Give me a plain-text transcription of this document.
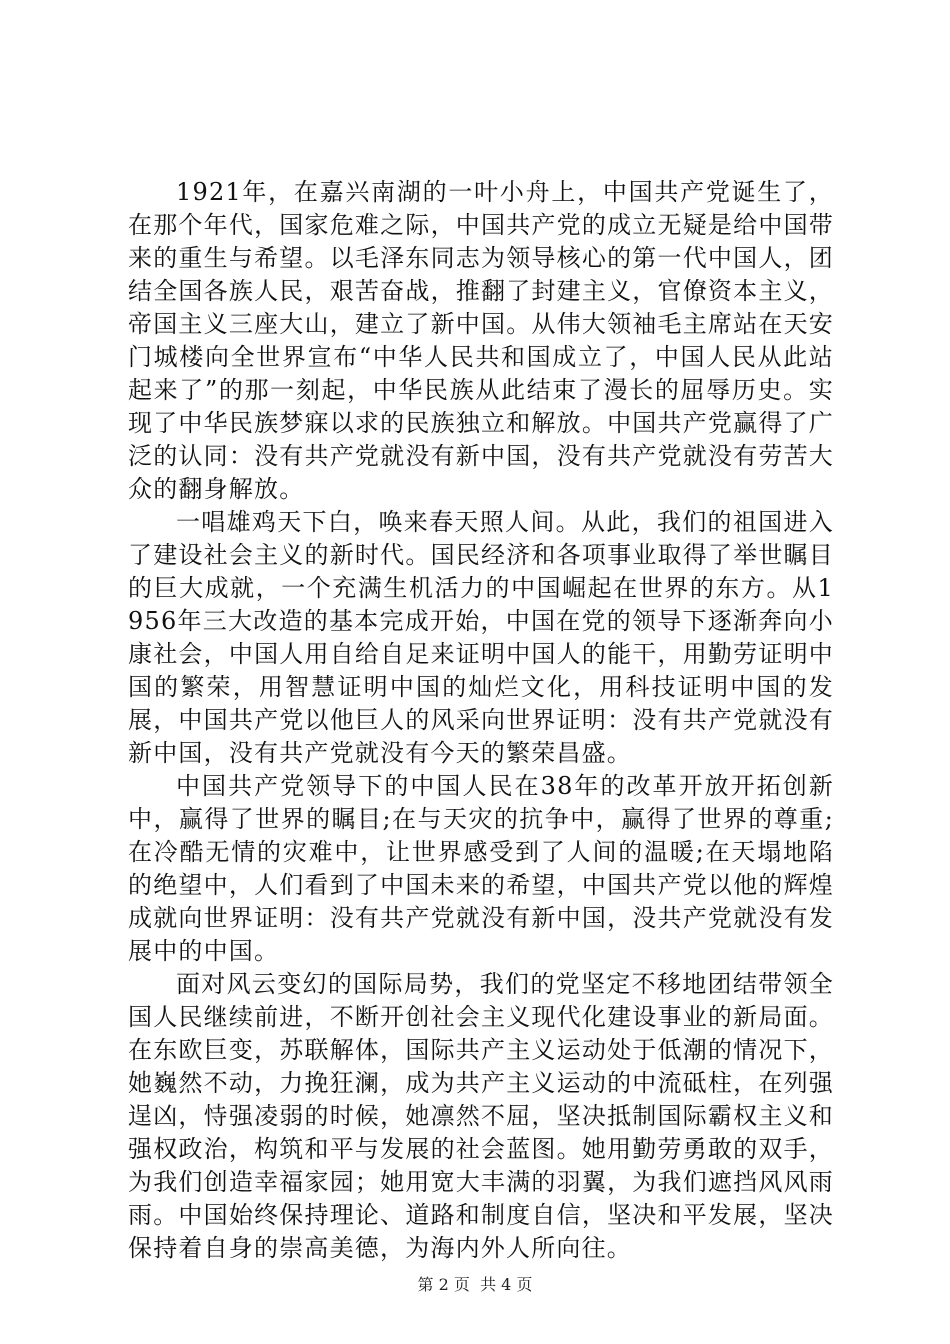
1921年，在嘉兴南湖的一叶小舟上，中国共产党诞生了，在那个年代，国家危难之际，中国共产党的成立无疑是给中国带来的重生与希望。以毛泽东同志为领导核心的第一代中国人，团结全国各族人民，艰苦奋战，推翻了封建主义，官僚资本主义，帝国主义三座大山，建立了新中国。从伟大领袖毛主席站在天安门城楼向全世界宣布“中华人民共和国成立了，中国人民从此站起来了”的那一刻起，中华民族从此结束了漫长的屈辱历史。实现了中华民族梦寐以求的民族独立和解放。中国共产党赢得了广泛的认同：没有共产党就没有新中国，没有共产党就没有劳苦大众的翻身解放。

一唱雄鸡天下白，唤来春天照人间。从此，我们的祖国进入了建设社会主义的新时代。国民经济和各项事业取得了举世瞩目的巨大成就，一个充满生机活力的中国崛起在世界的东方。从1956年三大改造的基本完成开始，中国在党的领导下逐渐奔向小康社会，中国人用自给自足来证明中国人的能干，用勤劳证明中国的繁荣，用智慧证明中国的灿烂文化，用科技证明中国的发展，中国共产党以他巨人的风采向世界证明：没有共产党就没有新中国，没有共产党就没有今天的繁荣昌盛。

中国共产党领导下的中国人民在38年的改革开放开拓创新中，赢得了世界的瞩目;在与天灾的抗争中，赢得了世界的尊重;在冷酷无情的灾难中，让世界感受到了人间的温暖;在天塌地陷的绝望中，人们看到了中国未来的希望，中国共产党以他的辉煌成就向世界证明：没有共产党就没有新中国，没共产党就没有发展中的中国。

面对风云变幻的国际局势，我们的党坚定不移地团结带领全国人民继续前进，不断开创社会主义现代化建设事业的新局面。在东欧巨变，苏联解体，国际共产主义运动处于低潮的情况下，她巍然不动，力挽狂澜，成为共产主义运动的中流砥柱，在列强逞凶，恃强凌弱的时候，她凛然不屈，坚决抵制国际霸权主义和强权政治，构筑和平与发展的社会蓝图。她用勤劳勇敢的双手，为我们创造幸福家园；她用宽大丰满的羽翼，为我们遮挡风风雨雨。中国始终保持理论、道路和制度自信，坚决和平发展，坚决保持着自身的崇高美德，为海内外人所向往。

第 2 页  共 4 页
